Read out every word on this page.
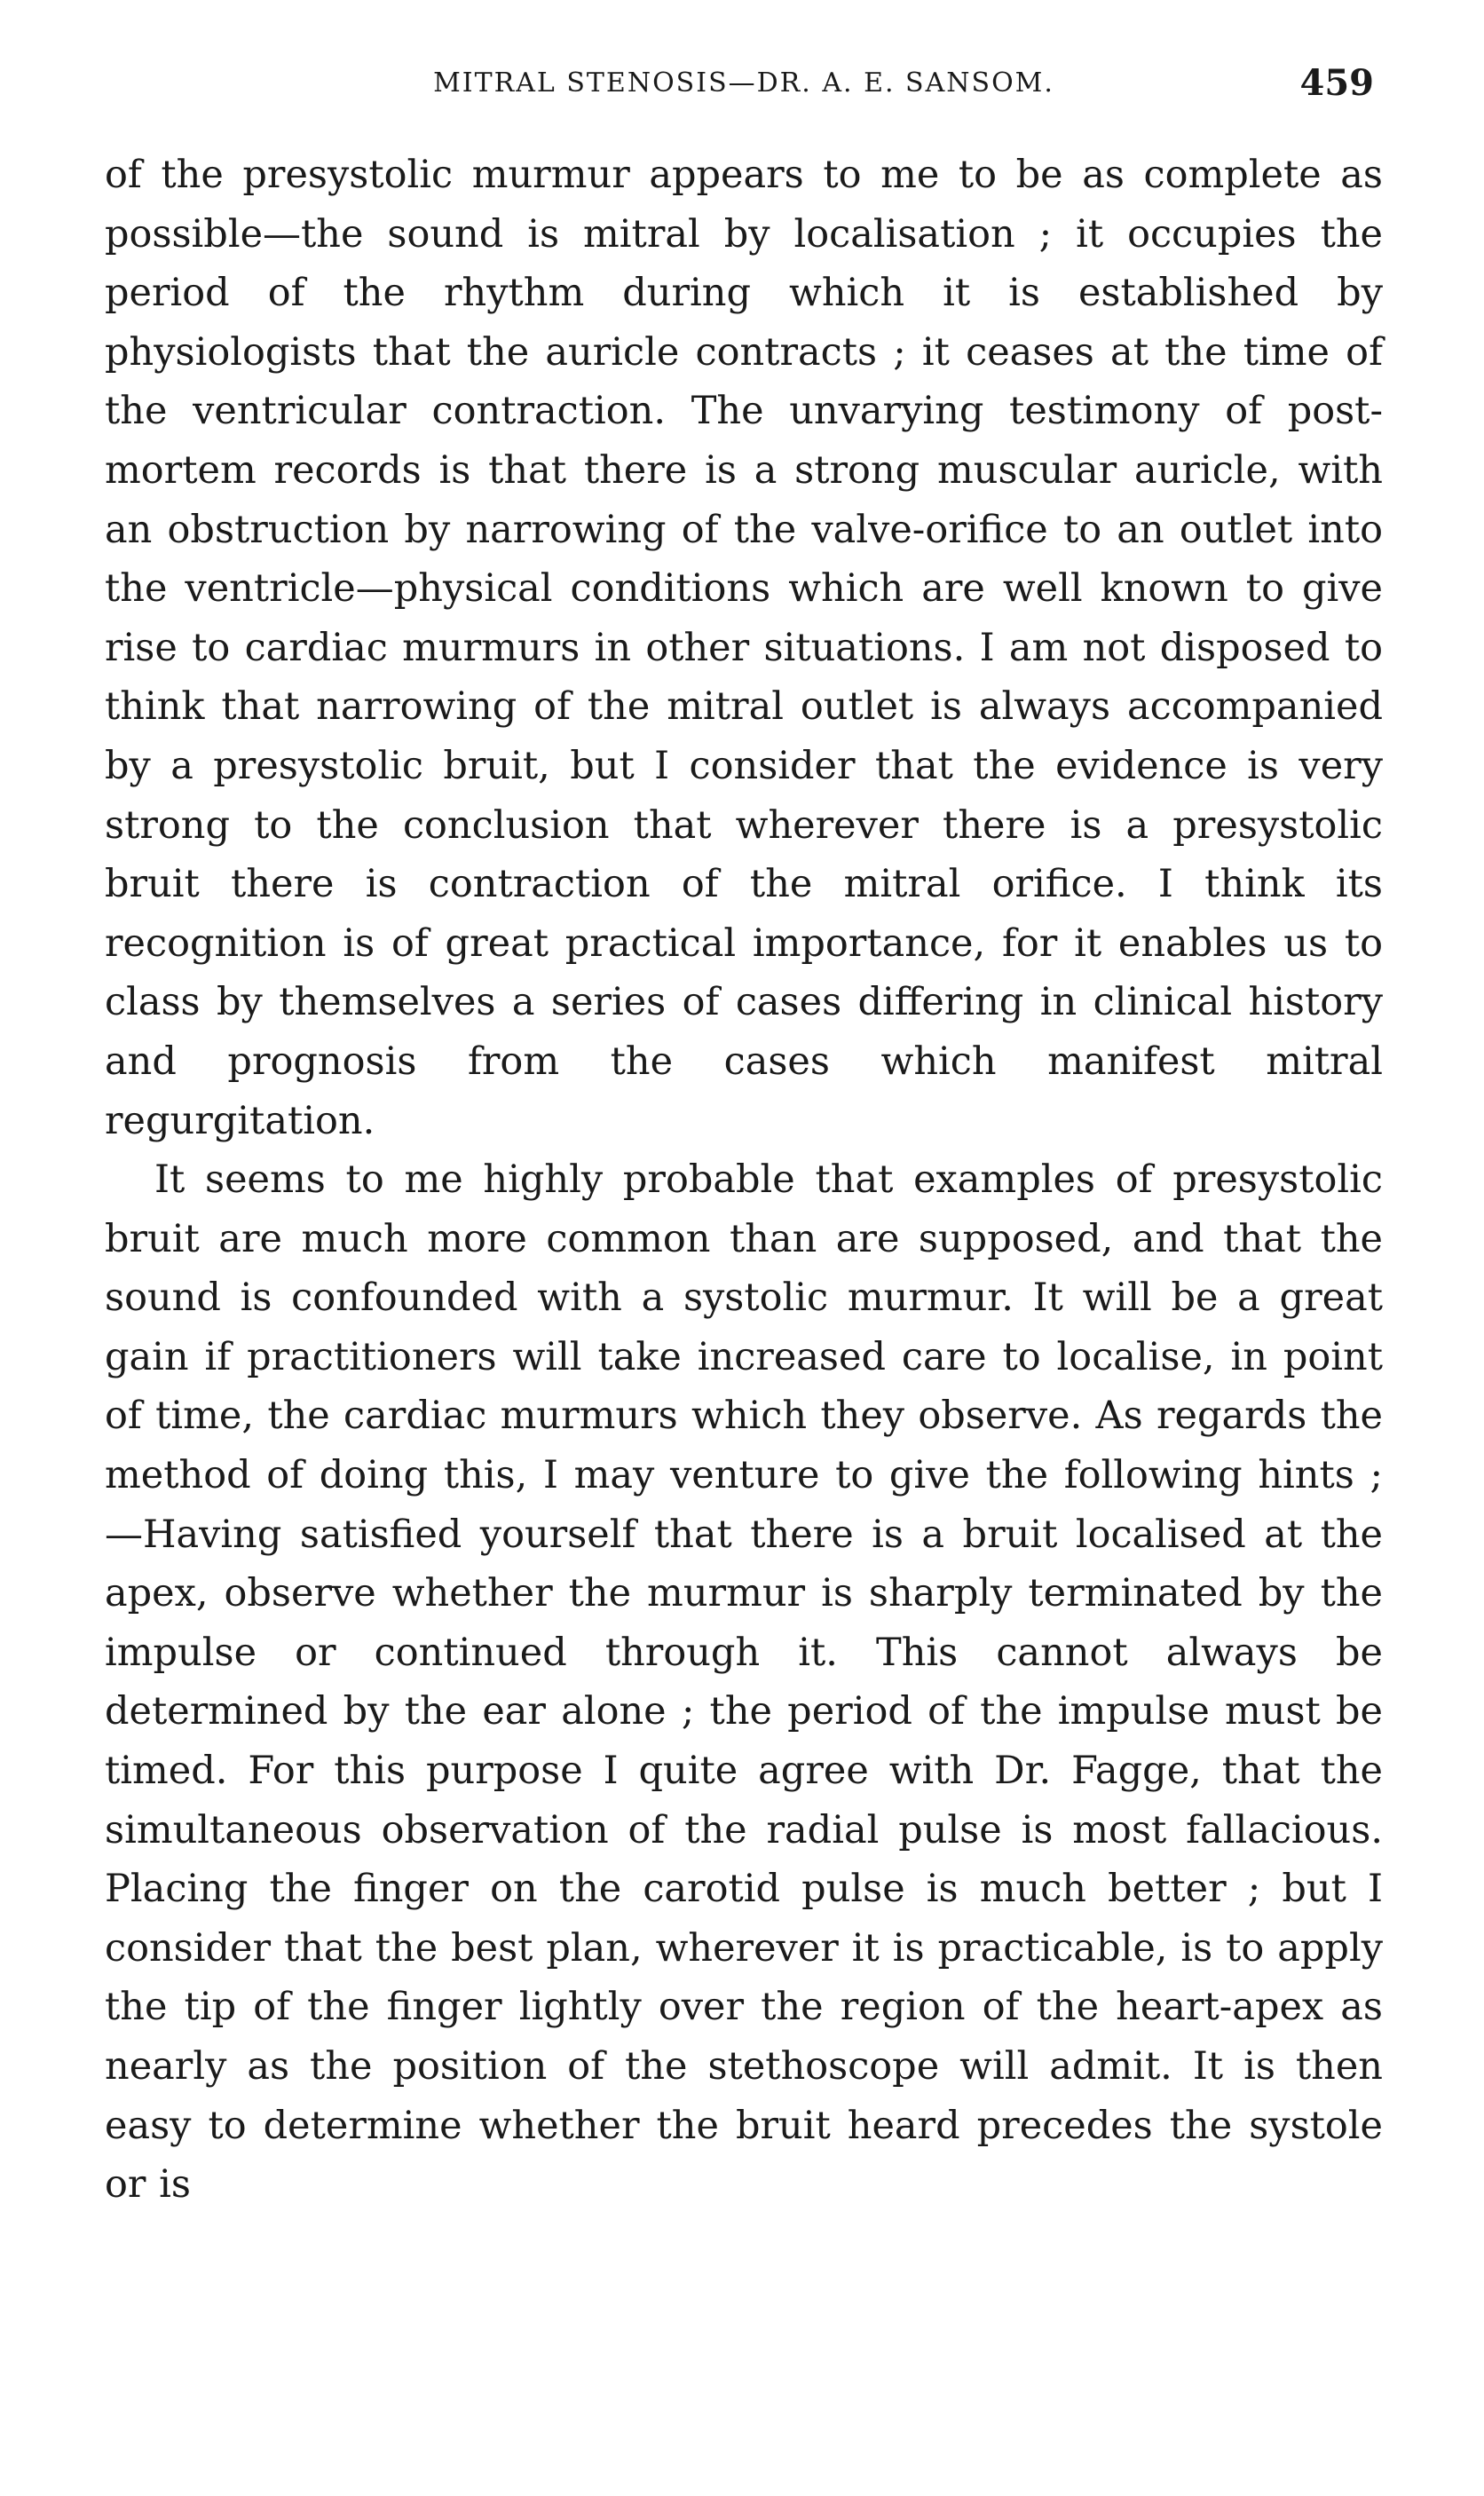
MITRAL STENOSIS—DR. A. E. SANSOM.	459

of the presystolic murmur appears to me to be as complete as possible—the sound is mitral by localisation ; it occupies the period of the rhythm during which it is established by physiologists that the auricle contracts ; it ceases at the time of the ventricular contraction. The unvarying testimony of post-mortem records is that there is a strong muscular auricle, with an obstruction by narrowing of the valve-orifice to an outlet into the ventricle—physical conditions which are well known to give rise to cardiac murmurs in other situations. I am not disposed to think that narrowing of the mitral outlet is always accompanied by a presystolic bruit, but I consider that the evidence is very strong to the conclusion that wherever there is a presystolic bruit there is contraction of the mitral orifice. I think its recognition is of great practical importance, for it enables us to class by themselves a series of cases differing in clinical history and prognosis from the cases which manifest mitral regurgitation.

It seems to me highly probable that examples of presystolic bruit are much more common than are supposed, and that the sound is confounded with a systolic murmur. It will be a great gain if practitioners will take increased care to localise, in point of time, the cardiac murmurs which they observe. As regards the method of doing this, I may venture to give the following hints ;—Having satisfied yourself that there is a bruit localised at the apex, observe whether the murmur is sharply terminated by the impulse or continued through it. This cannot always be determined by the ear alone ; the period of the impulse must be timed. For this purpose I quite agree with Dr. Fagge, that the simultaneous observation of the radial pulse is most fallacious. Placing the finger on the carotid pulse is much better ; but I consider that the best plan, wherever it is practicable, is to apply the tip of the finger lightly over the region of the heart-apex as nearly as the position of the stethoscope will admit. It is then easy to determine whether the bruit heard precedes the systole or is
